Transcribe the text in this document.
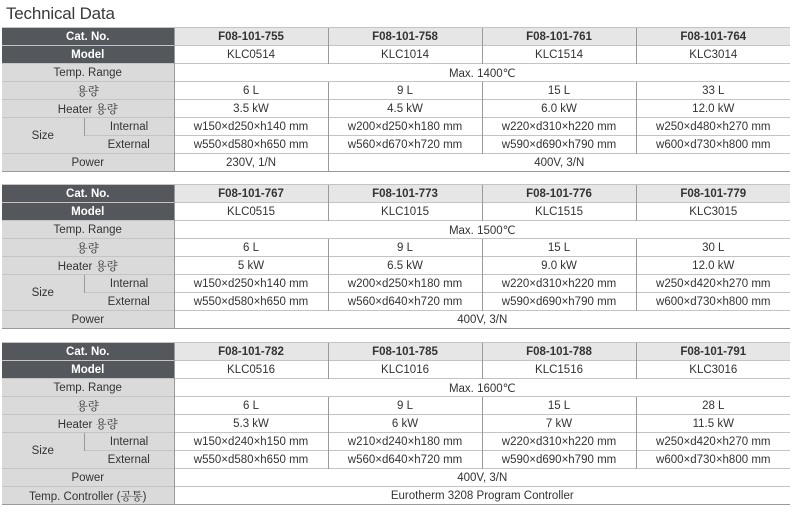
Technical Data
Cat. No.		F08-101-755	F08-101-758	F08-101-761	F08-101-764
Model		KLC0514	KLC1014	KLC1514	KLC3014
Temp. Range		Max. 1400℃			
용량		6 L	9 L	15 L	33 L
Heater 용량		3.5 kW	4.5 kW	6.0 kW	12.0 kW
Size	Internal	w150×d250×h140 mm	w200×d250×h180 mm	w220×d310×h220 mm	w250×d480×h270 mm
	External	w550×d580×h650 mm	w560×d670×h720 mm	w590×d690×h790 mm	w600×d730×h800 mm
Power		230V, 1/N	400V, 3/N		
Cat. No.		F08-101-767	F08-101-773	F08-101-776	F08-101-779
Model		KLC0515	KLC1015	KLC1515	KLC3015
Temp. Range		Max. 1500℃			
용량		6 L	9 L	15 L	30 L
Heater 용량		5 kW	6.5 kW	9.0 kW	12.0 kW
Size	Internal	w150×d250×h140 mm	w200×d250×h180 mm	w220×d310×h220 mm	w250×d420×h270 mm
	External	w550×d580×h650 mm	w560×d640×h720 mm	w590×d690×h790 mm	w600×d730×h800 mm
Power		400V, 3/N			
Cat. No.		F08-101-782	F08-101-785	F08-101-788	F08-101-791
Model		KLC0516	KLC1016	KLC1516	KLC3016
Temp. Range		Max. 1600℃			
용량		6 L	9 L	15 L	28 L
Heater 용량		5.3 kW	6 kW	7 kW	11.5 kW
Size	Internal	w150×d240×h150 mm	w210×d240×h180 mm	w220×d310×h220 mm	w250×d420×h270 mm
	External	w550×d580×h650 mm	w560×d640×h720 mm	w590×d690×h790 mm	w600×d730×h800 mm
Power		400V, 3/N			
Temp. Controller (공통)		Eurotherm 3208 Program Controller			
